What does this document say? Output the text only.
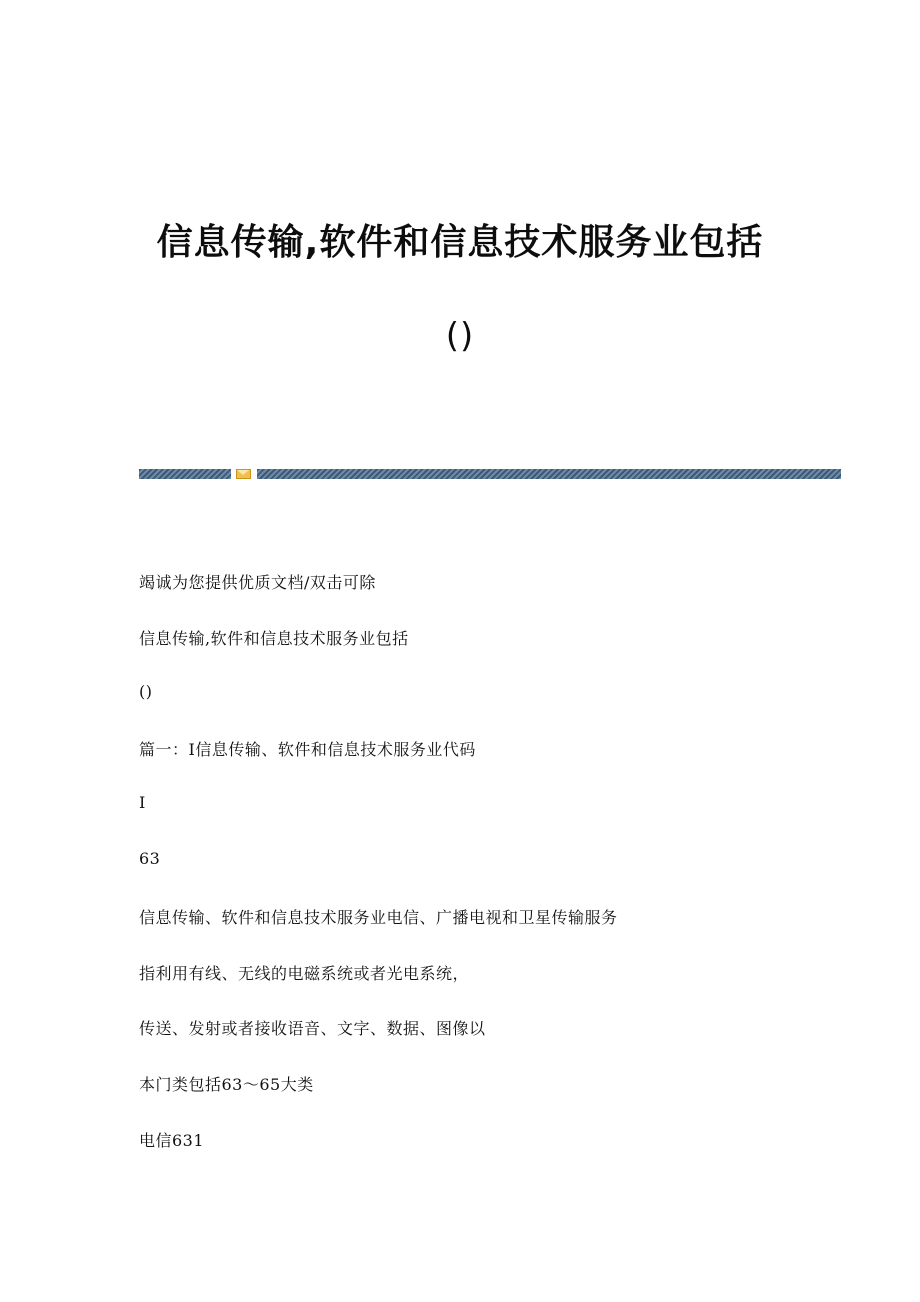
信息传输,软件和信息技术服务业包括
()
竭诚为您提供优质文档/双击可除
信息传输,软件和信息技术服务业包括
()
篇一：I信息传输、软件和信息技术服务业代码
I
63
信息传输、软件和信息技术服务业电信、广播电视和卫星传输服务
指利用有线、无线的电磁系统或者光电系统，
传送、发射或者接收语音、文字、数据、图像以
本门类包括63～65大类
电信631
